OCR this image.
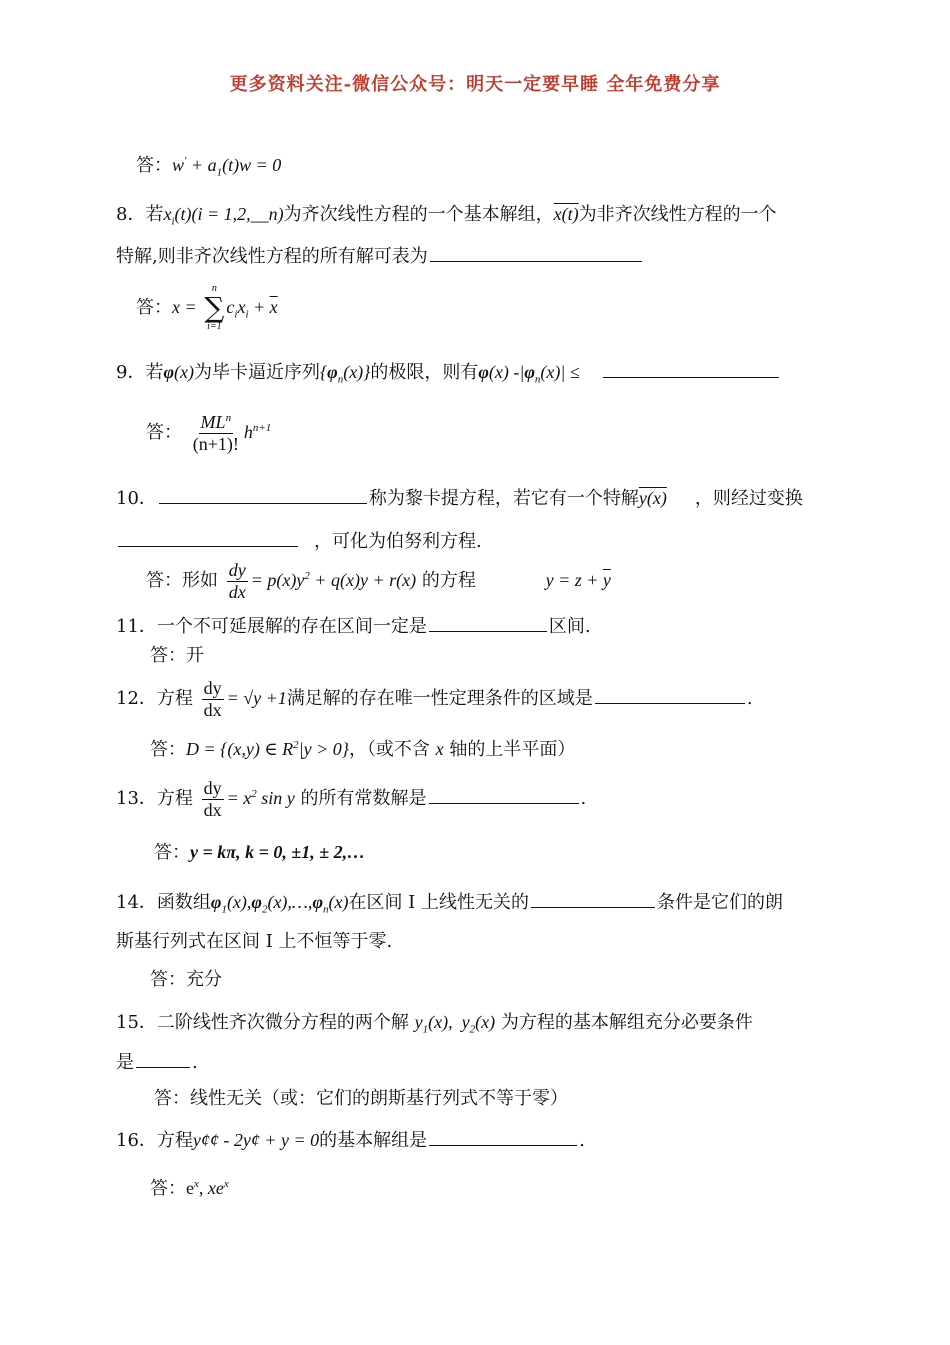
更多资料关注-微信公众号：明天一定要早睡 全年免费分享
答：$w' + a_1(t)w = 0$
8．若$x_i(t)(i$ = 1,2,__n)为齐次线性方程的一个基本解组，x(t)为非齐次线性方程的一个
特解,则非齐次线性方程的所有解可表为
答：x =
n
∑
i=1
$c_ix_i + \overline{x}$
9．若φ(x)为毕卡逼近序列$\{\varphi_n(x)\}$的极限，则有φ(x) $-|\varphi_n(x)|$ ≤
答： $\frac{ML^n}{(n+1)!} h^{n+1}$
10．	称为黎卡提方程，若它有一个特解y(x) ，则经过变换
，可化为伯努利方程.
答：形如 $\frac{dy}{dx} = p(x)y^2 + q(x)y + r(x)$ 的方程	$y = z + \overline{y}$
11．一个不可延展解的存在区间一定是	区间.
答：开
12．方程 $\frac{dy}{dx} = √y +1$满足解的存在唯一性定理条件的区域是	.
答：D = {(x,y) ∈ $R^2|y > 0$}，（或不含 x 轴的上半平面）
13．方程 $\frac{dy}{dx} = x^2$ sin y 的所有常数解是	.
答：y = kπ, k = 0, ±1, ± 2,…
14．函数组$\varphi_1(x),\varphi_2(x),\dots,\varphi_n(x)$在区间 I 上线性无关的	条件是它们的朗
斯基行列式在区间 I 上不恒等于零.
答：充分
15．二阶线性齐次微分方程的两个解 $y_1(x)$,  $y_2(x)$ 为方程的基本解组充分必要条件
是	.
答：线性无关（或：它们的朗斯基行列式不等于零）
16．方程y¢¢ - 2y¢ + y = 0的基本解组是	.
答：$e^x$, $xe^x$
